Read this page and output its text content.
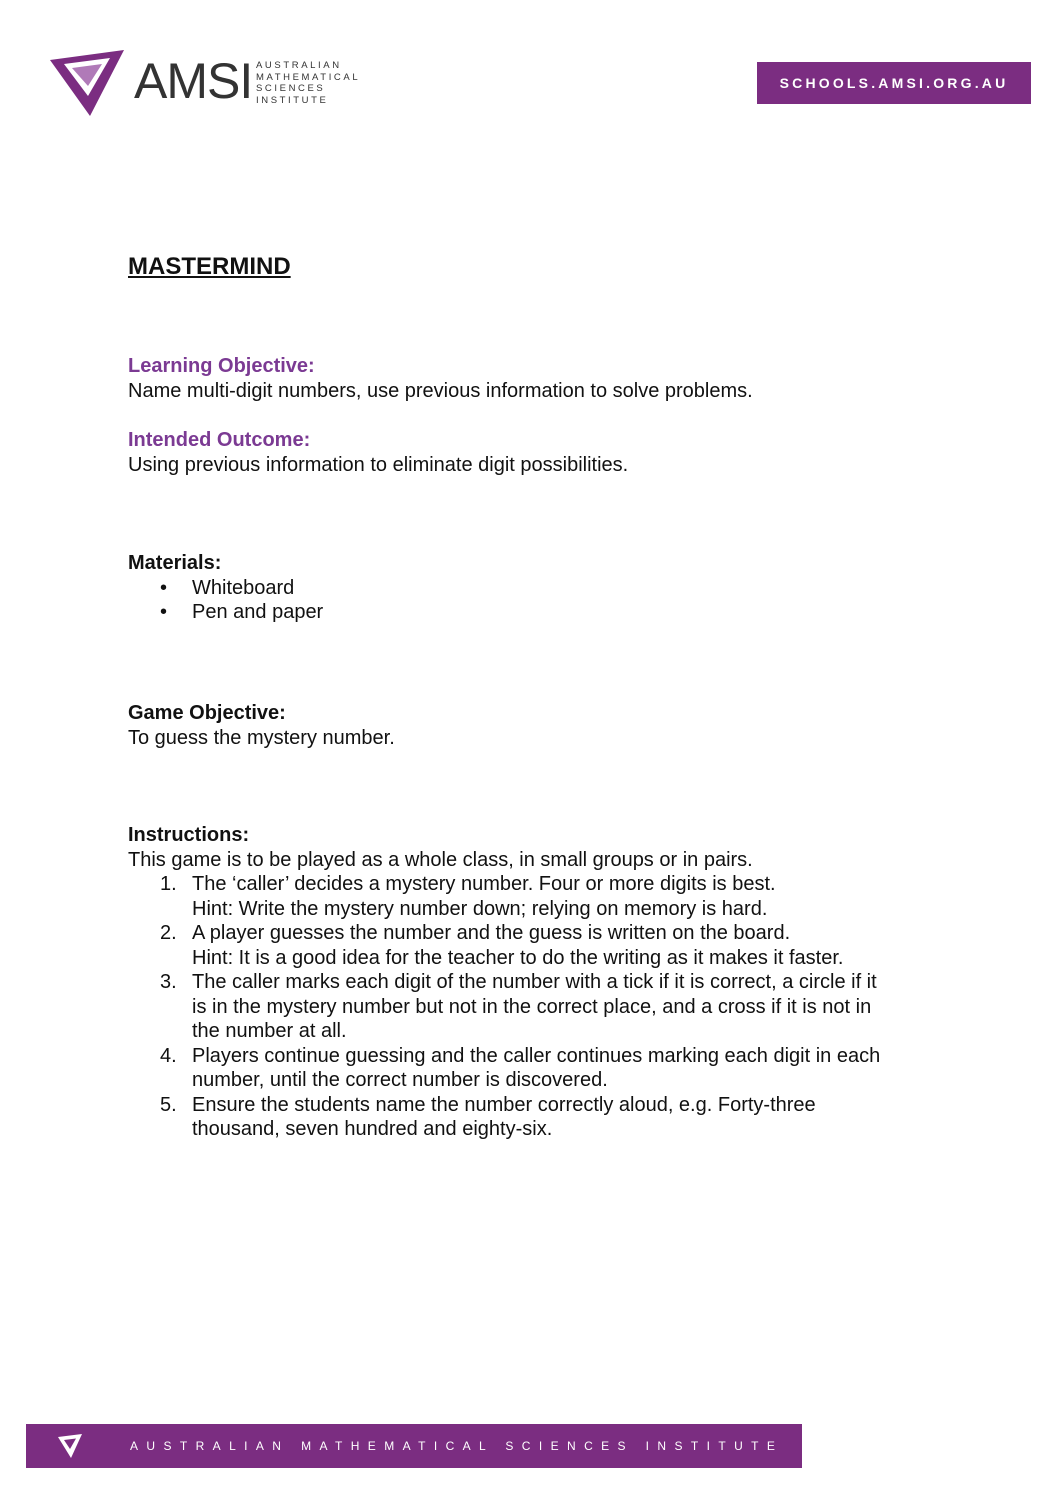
AMSI AUSTRALIAN
MATHEMATICAL
SCIENCES
INSTITUTE
SCHOOLS.AMSI.ORG.AU
MASTERMIND
Learning Objective:
Name multi-digit numbers, use previous information to solve problems.
Intended Outcome:
Using previous information to eliminate digit possibilities.
Materials:
• Whiteboard
• Pen and paper
Game Objective:
To guess the mystery number.
Instructions:
This game is to be played as a whole class, in small groups or in pairs.
1. The ‘caller’ decides a mystery number. Four or more digits is best.
Hint: Write the mystery number down; relying on memory is hard.
2. A player guesses the number and the guess is written on the board.
Hint: It is a good idea for the teacher to do the writing as it makes it faster.
3. The caller marks each digit of the number with a tick if it is correct, a circle if it
is in the mystery number but not in the correct place, and a cross if it is not in
the number at all.
4. Players continue guessing and the caller continues marking each digit in each
number, until the correct number is discovered.
5. Ensure the students name the number correctly aloud, e.g. Forty-three
thousand, seven hundred and eighty-six.
AUSTRALIAN MATHEMATICAL SCIENCES INSTITUTE
